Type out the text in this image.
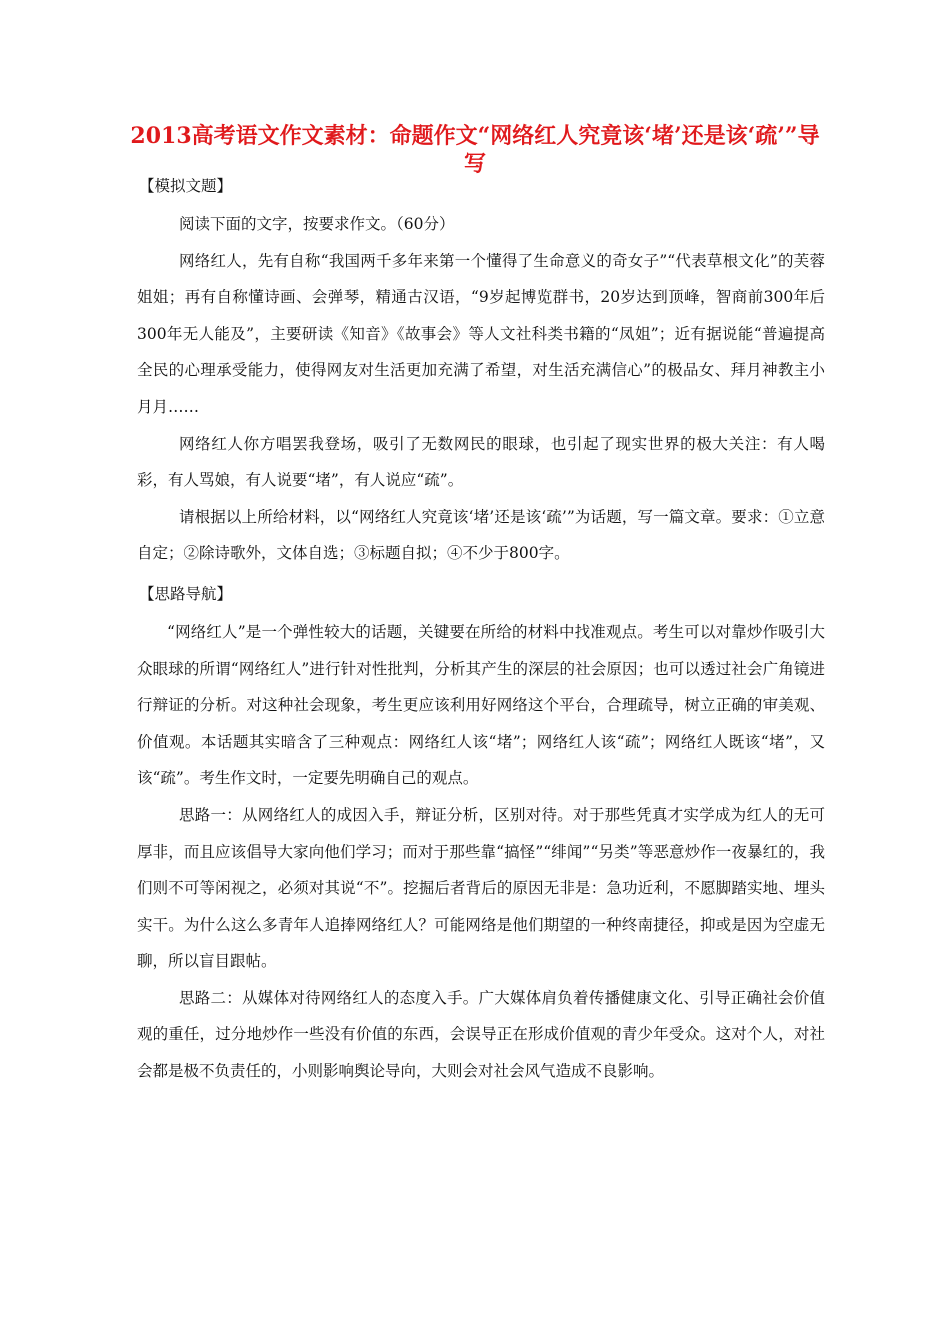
2013高考语文作文素材：命题作文“网络红人究竟该‘堵’还是该‘疏’”导写

【模拟文题】

阅读下面的文字，按要求作文。（60分）

网络红人，先有自称“我国两千多年来第一个懂得了生命意义的奇女子”“代表草根文化”的芙蓉姐姐；再有自称懂诗画、会弹琴，精通古汉语，“9岁起博览群书，20岁达到顶峰，智商前300年后300年无人能及”，主要研读《知音》《故事会》等人文社科类书籍的“凤姐”；近有据说能“普遍提高全民的心理承受能力，使得网友对生活更加充满了希望，对生活充满信心”的极品女、拜月神教主小月月……

网络红人你方唱罢我登场，吸引了无数网民的眼球，也引起了现实世界的极大关注：有人喝彩，有人骂娘，有人说要“堵”，有人说应“疏”。

请根据以上所给材料，以“网络红人究竟该‘堵’还是该‘疏’”为话题，写一篇文章。要求：①立意自定；②除诗歌外，文体自选；③标题自拟；④不少于800字。

【思路导航】

“网络红人”是一个弹性较大的话题，关键要在所给的材料中找准观点。考生可以对靠炒作吸引大众眼球的所谓“网络红人”进行针对性批判，分析其产生的深层的社会原因；也可以透过社会广角镜进行辩证的分析。对这种社会现象，考生更应该利用好网络这个平台，合理疏导，树立正确的审美观、价值观。本话题其实暗含了三种观点：网络红人该“堵”；网络红人该“疏”；网络红人既该“堵”，又该“疏”。考生作文时，一定要先明确自己的观点。

思路一：从网络红人的成因入手，辩证分析，区别对待。对于那些凭真才实学成为红人的无可厚非，而且应该倡导大家向他们学习；而对于那些靠“搞怪”“绯闻”“另类”等恶意炒作一夜暴红的，我们则不可等闲视之，必须对其说“不”。挖掘后者背后的原因无非是：急功近利，不愿脚踏实地、埋头实干。为什么这么多青年人追捧网络红人？可能网络是他们期望的一种终南捷径，抑或是因为空虚无聊，所以盲目跟帖。

思路二：从媒体对待网络红人的态度入手。广大媒体肩负着传播健康文化、引导正确社会价值观的重任，过分地炒作一些没有价值的东西，会误导正在形成价值观的青少年受众。这对个人，对社会都是极不负责任的，小则影响舆论导向，大则会对社会风气造成不良影响。
